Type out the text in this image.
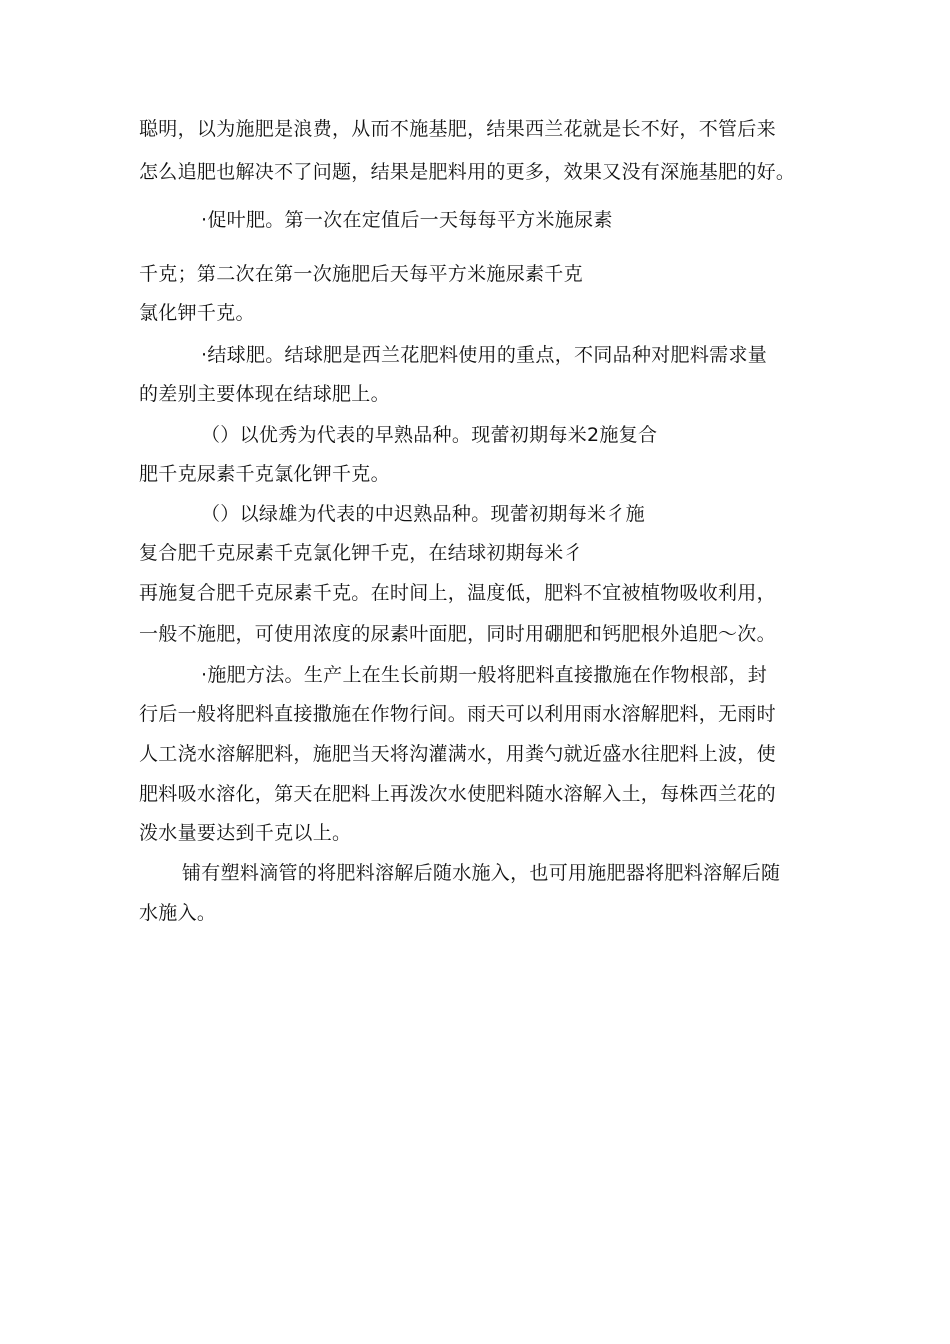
聪明，以为施肥是浪费，从而不施基肥，结果西兰花就是长不好，不管后来
怎么追肥也解决不了问题，结果是肥料用的更多，效果又没有深施基肥的好。
·促叶肥。第一次在定值后一天每每平方米施尿素
千克；第二次在第一次施肥后天每平方米施尿素千克
氯化钾千克。
·结球肥。结球肥是西兰花肥料使用的重点，不同品种对肥料需求量
的差别主要体现在结球肥上。
（）以优秀为代表的早熟品种。现蕾初期每米2施复合
肥千克尿素千克氯化钾千克。
（）以绿雄为代表的中迟熟品种。现蕾初期每米彳施
复合肥千克尿素千克氯化钾千克，在结球初期每米彳
再施复合肥千克尿素千克。在时间上，温度低，肥料不宜被植物吸收利用，
一般不施肥，可使用浓度的尿素叶面肥，同时用硼肥和钙肥根外追肥〜次。
·施肥方法。生产上在生长前期一般将肥料直接撒施在作物根部，封
行后一般将肥料直接撒施在作物行间。雨天可以利用雨水溶解肥料，无雨时
人工浇水溶解肥料，施肥当天将沟灌满水，用粪勺就近盛水往肥料上波，使
肥料吸水溶化，第天在肥料上再泼次水使肥料随水溶解入土，每株西兰花的
泼水量要达到千克以上。
铺有塑料滴管的将肥料溶解后随水施入，也可用施肥器将肥料溶解后随
水施入。
